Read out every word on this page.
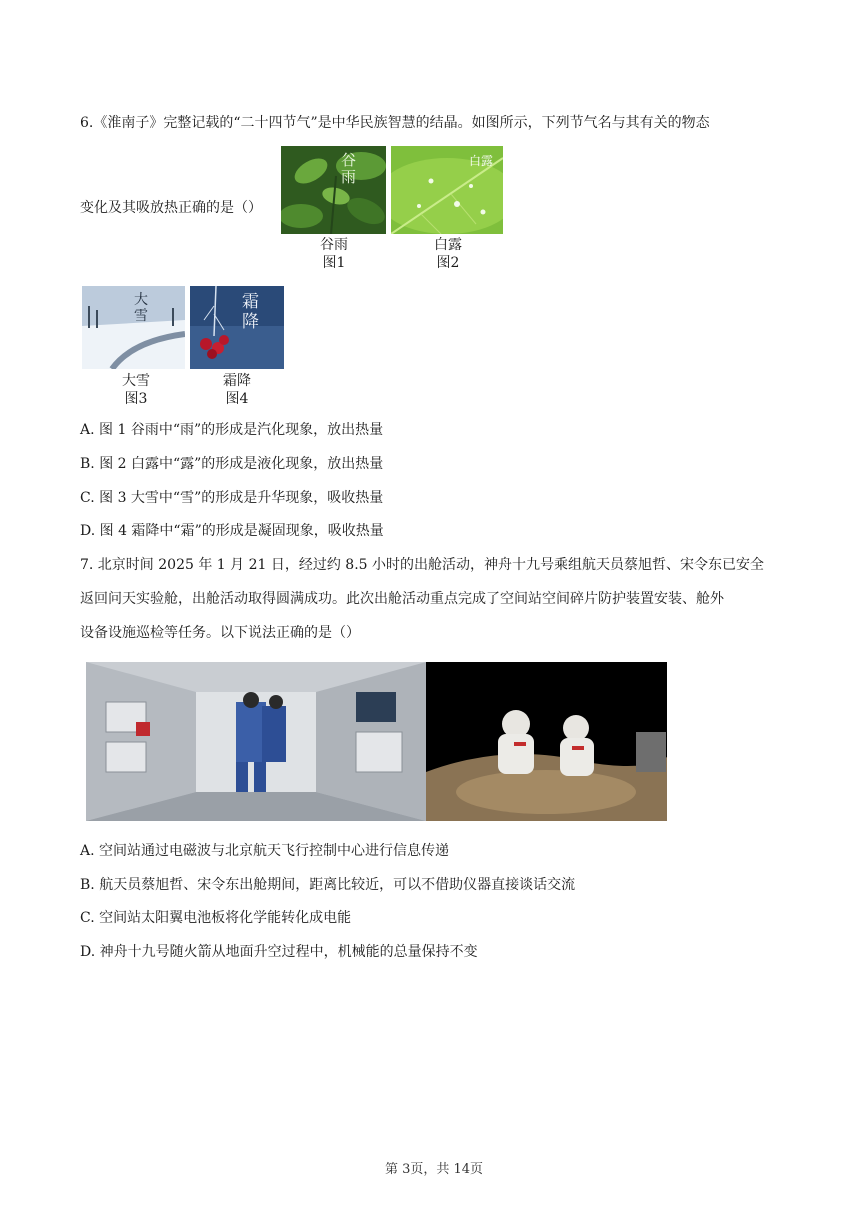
6.《淮南子》完整记载的“二十四节气”是中华民族智慧的结晶。如图所示，下列节气名与其有关的物态
谷雨
白露
变化及其吸放热正确的是（）
谷雨
图1
白露
图2
大雪
霜降
大雪
图3
霜降
图4
A. 图 1 谷雨中“雨”的形成是汽化现象，放出热量
B. 图 2 白露中“露”的形成是液化现象，放出热量
C. 图 3 大雪中“雪”的形成是升华现象，吸收热量
D. 图 4 霜降中“霜”的形成是凝固现象，吸收热量
7. 北京时间 2025 年 1 月 21 日，经过约 8.5 小时的出舱活动，神舟十九号乘组航天员蔡旭哲、宋令东已安全
返回问天实验舱，出舱活动取得圆满成功。此次出舱活动重点完成了空间站空间碎片防护装置安装、舱外
设备设施巡检等任务。以下说法正确的是（）
A. 空间站通过电磁波与北京航天飞行控制中心进行信息传递
B. 航天员蔡旭哲、宋令东出舱期间，距离比较近，可以不借助仪器直接谈话交流
C. 空间站太阳翼电池板将化学能转化成电能
D. 神舟十九号随火箭从地面升空过程中，机械能的总量保持不变
第 3页，共 14页
